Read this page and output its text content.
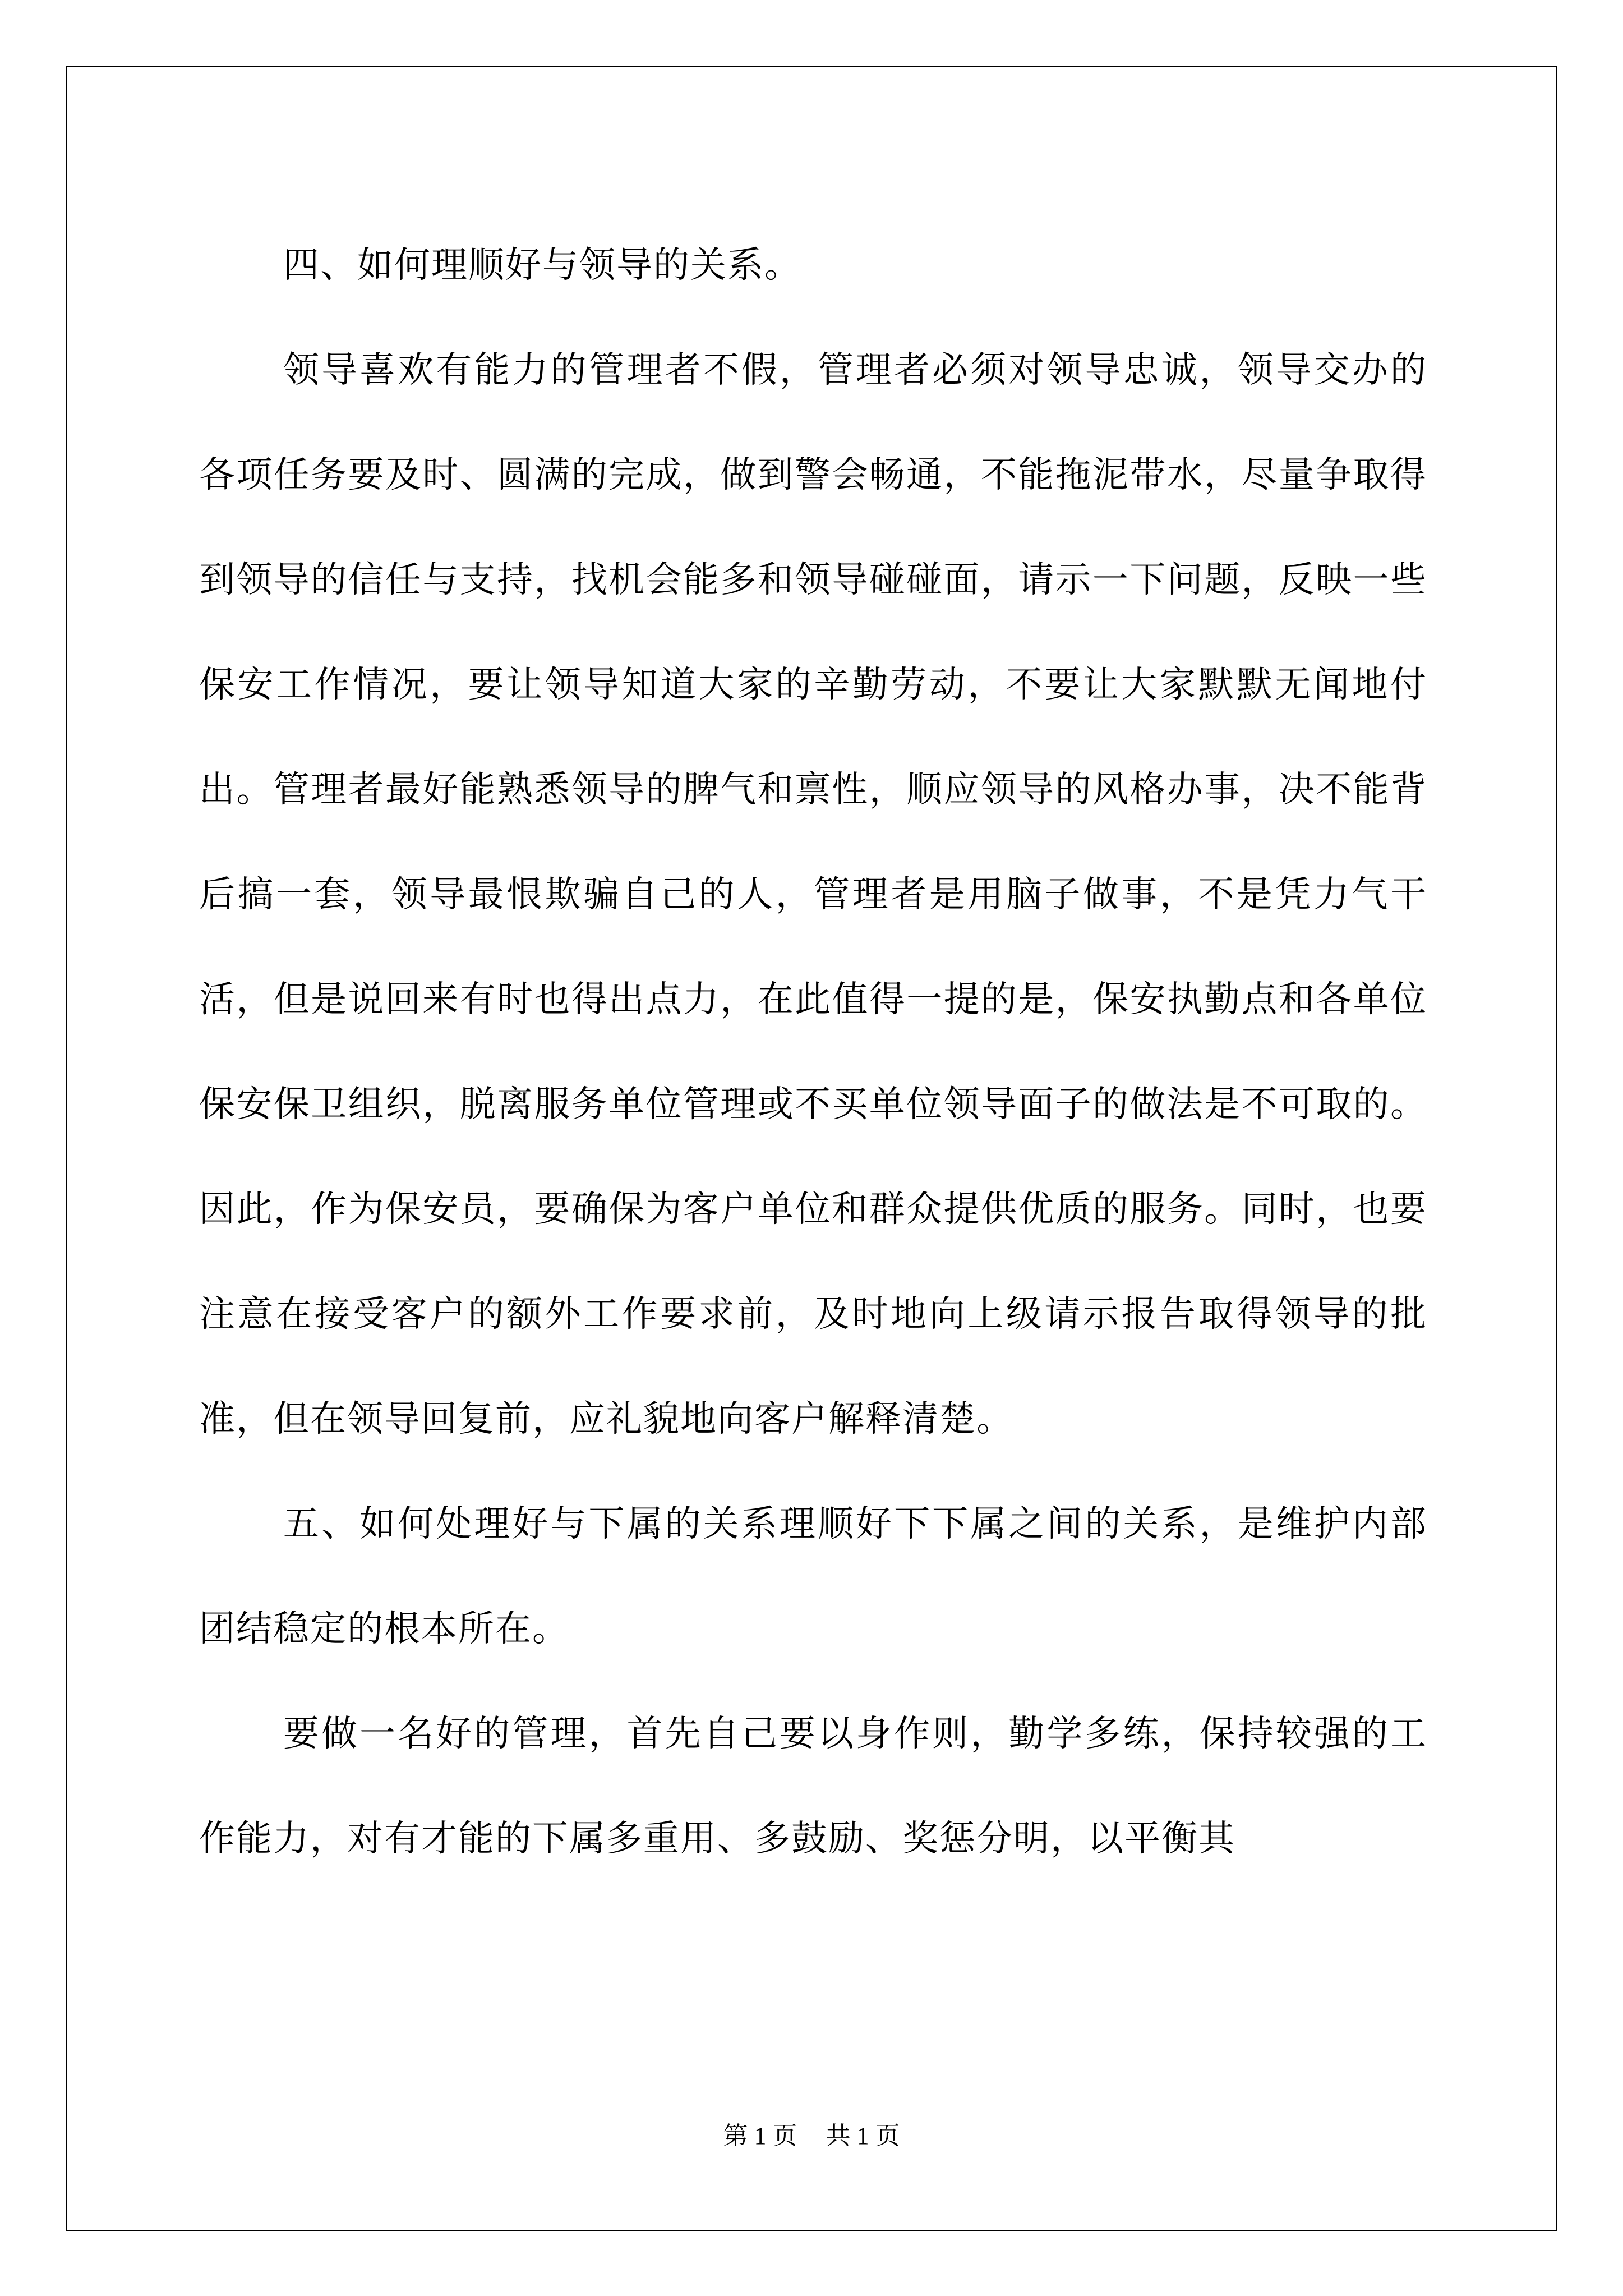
四、如何理顺好与领导的关系。

领导喜欢有能力的管理者不假，管理者必须对领导忠诚，领导交办的各项任务要及时、圆满的完成，做到警会畅通，不能拖泥带水，尽量争取得到领导的信任与支持，找机会能多和领导碰碰面，请示一下问题，反映一些保安工作情况，要让领导知道大家的辛勤劳动，不要让大家默默无闻地付出。管理者最好能熟悉领导的脾气和禀性，顺应领导的风格办事，决不能背后搞一套，领导最恨欺骗自己的人，管理者是用脑子做事，不是凭力气干活，但是说回来有时也得出点力，在此值得一提的是，保安执勤点和各单位保安保卫组织，脱离服务单位管理或不买单位领导面子的做法是不可取的。因此，作为保安员，要确保为客户单位和群众提供优质的服务。同时，也要注意在接受客户的额外工作要求前，及时地向上级请示报告取得领导的批准，但在领导回复前，应礼貌地向客户解释清楚。

五、如何处理好与下属的关系理顺好下下属之间的关系，是维护内部团结稳定的根本所在。

要做一名好的管理，首先自己要以身作则，勤学多练，保持较强的工作能力，对有才能的下属多重用、多鼓励、奖惩分明，以平衡其

第 1 页 共 1 页
